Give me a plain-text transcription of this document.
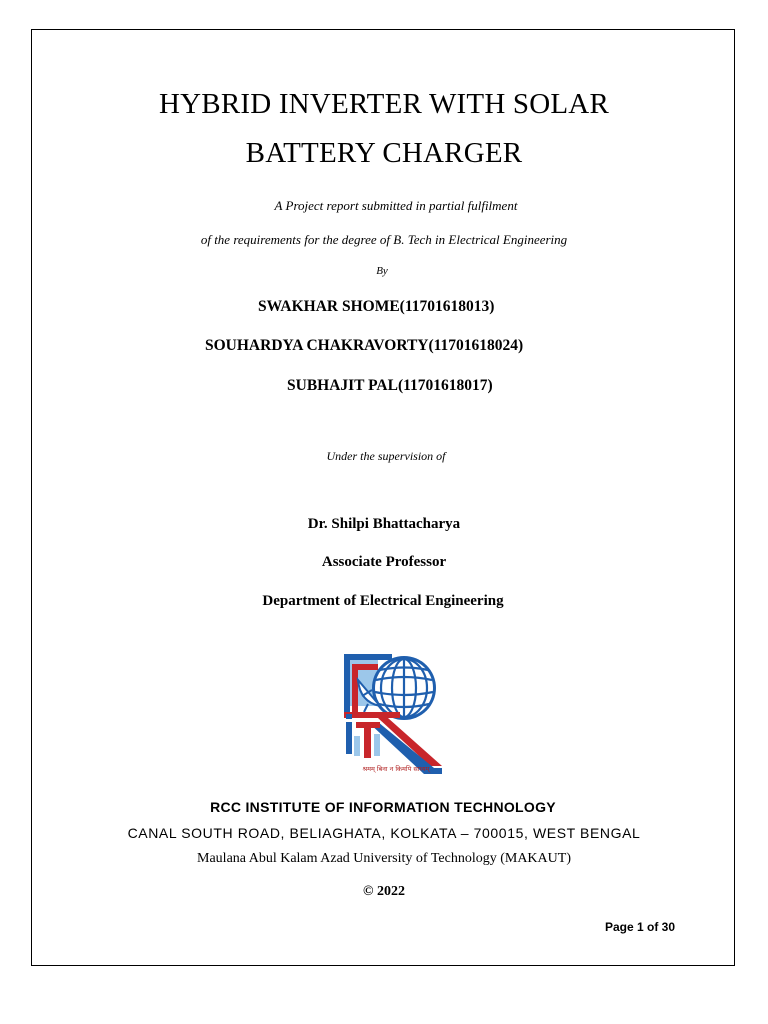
HYBRID INVERTER WITH SOLAR
BATTERY CHARGER
A Project report submitted in partial fulfilment
of the requirements for the degree of B. Tech in Electrical Engineering
By
SWAKHAR SHOME(11701618013)
SOUHARDYA CHAKRAVORTY(11701618024)
SUBHAJIT PAL(11701618017)
Under the supervision of
Dr. Shilpi Bhattacharya
Associate Professor
Department of Electrical Engineering
श्रमम् बिना न किमपि साध्यम्
RCC INSTITUTE OF INFORMATION TECHNOLOGY
CANAL SOUTH ROAD, BELIAGHATA, KOLKATA – 700015, WEST BENGAL
Maulana Abul Kalam Azad University of Technology (MAKAUT)
© 2022
Page 1 of 30
